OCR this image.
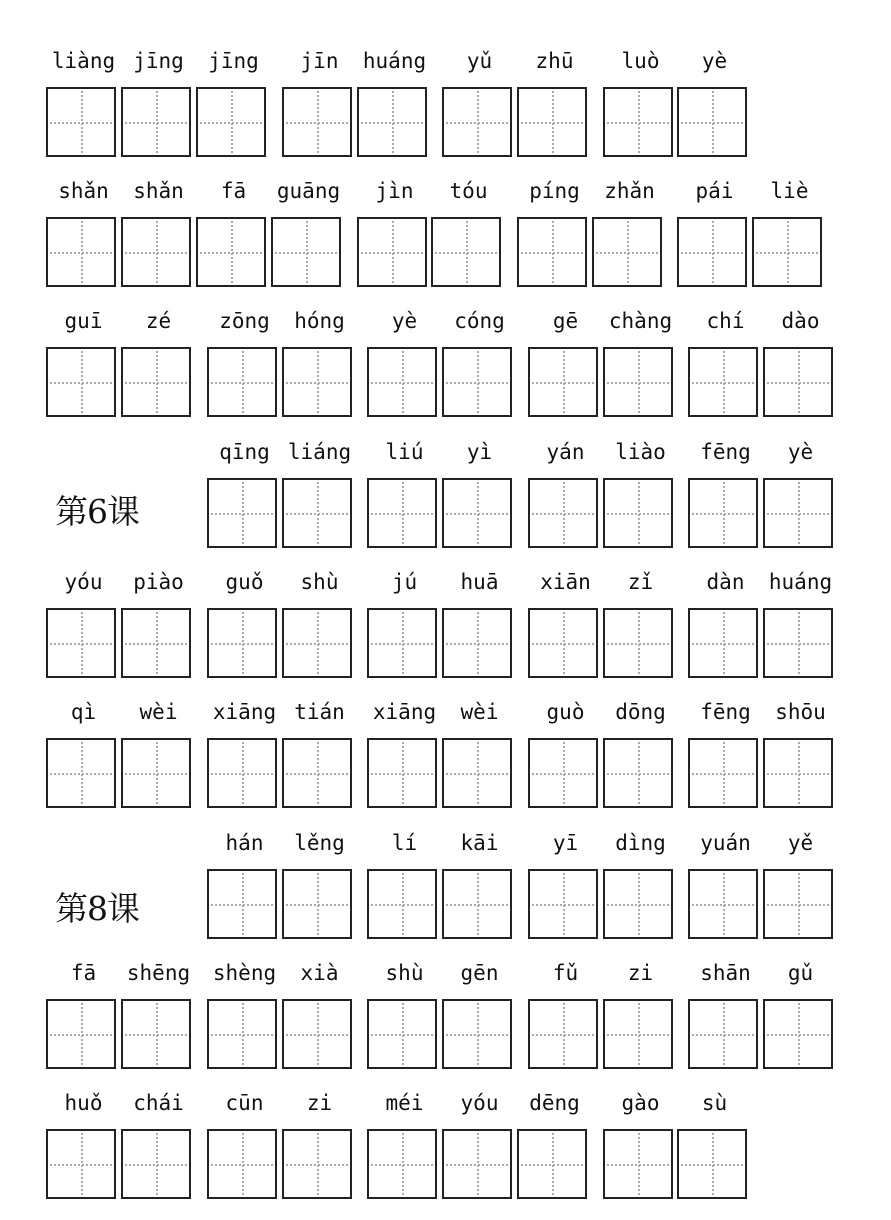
liàng jīng	jīng	jīn	huáng	yǔ	zhū	luò	yè
shǎn	shǎn	fā	guāng	jìn	tóu	píng	zhǎn	pái	liè
guī	zé	zōng	hóng	yè	cóng	gē	chàng	chí	dào
第6课
qīng liáng	liú	yì	yán	liào	fēng	yè
yóu	piào	guǒ	shù	jú	huā	xiān	zǐ	dàn	huáng
qì	wèi	xiāng tián	xiāng	wèi	guò	dōng	fēng	shōu
第8课
hán	lěng	lí	kāi	yī	dìng	yuán	yě
fā	shēng	shèng	xià	shù	gēn	fǔ	zi	shān	gǔ
huǒ	chái	cūn	zi	méi	yóu	dēng	gào	sù
